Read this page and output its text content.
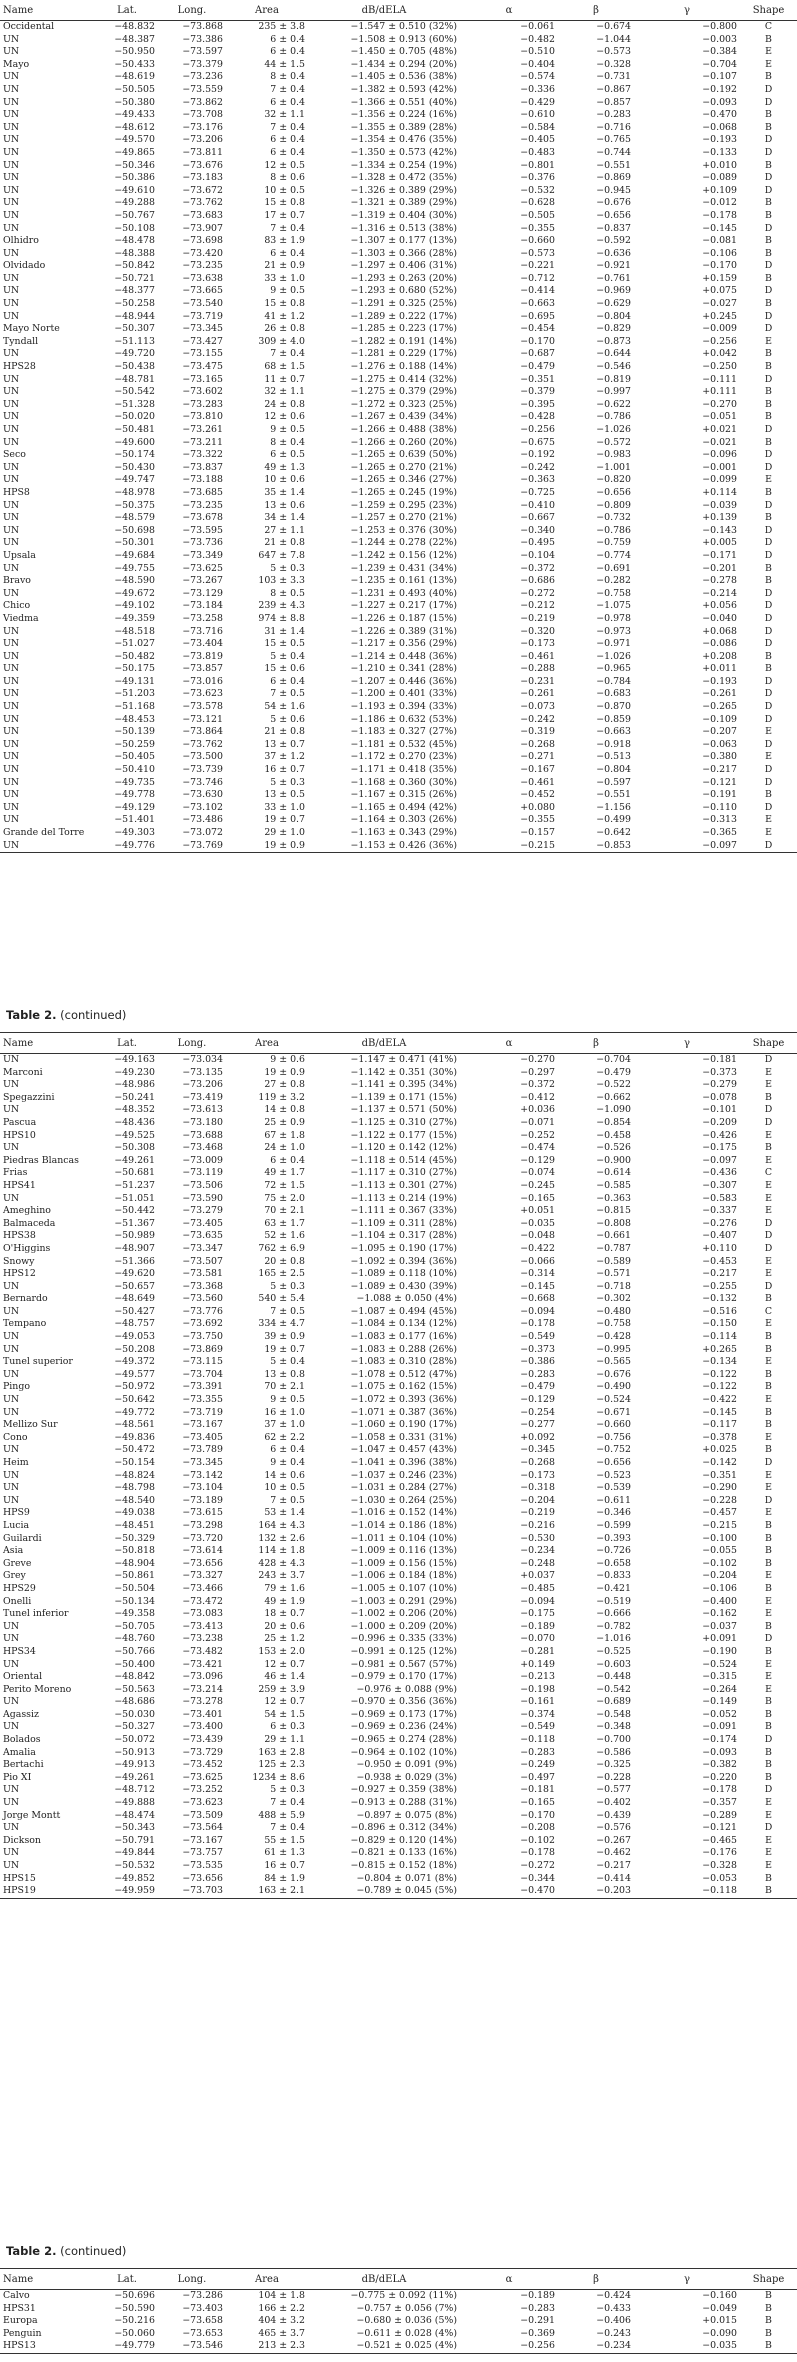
Name	Lat.	Long.	Area	dB/dELA	α	β	γ	Shape
Occidental	−48.832	−73.868	235 ± 3.8	−1.547 ± 0.510 (32%)	−0.061	−0.674	−0.800	C
UN	−48.387	−73.386	6 ± 0.4	−1.508 ± 0.913 (60%)	−0.482	−1.044	−0.003	B
UN	−50.950	−73.597	6 ± 0.4	−1.450 ± 0.705 (48%)	−0.510	−0.573	−0.384	E
Mayo	−50.433	−73.379	44 ± 1.5	−1.434 ± 0.294 (20%)	−0.404	−0.328	−0.704	E
UN	−48.619	−73.236	8 ± 0.4	−1.405 ± 0.536 (38%)	−0.574	−0.731	−0.107	B
UN	−50.505	−73.559	7 ± 0.4	−1.382 ± 0.593 (42%)	−0.336	−0.867	−0.192	D
UN	−50.380	−73.862	6 ± 0.4	−1.366 ± 0.551 (40%)	−0.429	−0.857	−0.093	D
UN	−49.433	−73.708	32 ± 1.1	−1.356 ± 0.224 (16%)	−0.610	−0.283	−0.470	B
UN	−48.612	−73.176	7 ± 0.4	−1.355 ± 0.389 (28%)	−0.584	−0.716	−0.068	B
UN	−49.570	−73.206	6 ± 0.4	−1.354 ± 0.476 (35%)	−0.405	−0.765	−0.193	D
UN	−49.865	−73.811	6 ± 0.4	−1.350 ± 0.573 (42%)	−0.483	−0.744	−0.133	D
UN	−50.346	−73.676	12 ± 0.5	−1.334 ± 0.254 (19%)	−0.801	−0.551	+0.010	B
UN	−50.386	−73.183	8 ± 0.6	−1.328 ± 0.472 (35%)	−0.376	−0.869	−0.089	D
UN	−49.610	−73.672	10 ± 0.5	−1.326 ± 0.389 (29%)	−0.532	−0.945	+0.109	D
UN	−49.288	−73.762	15 ± 0.8	−1.321 ± 0.389 (29%)	−0.628	−0.676	−0.012	B
UN	−50.767	−73.683	17 ± 0.7	−1.319 ± 0.404 (30%)	−0.505	−0.656	−0.178	B
UN	−50.108	−73.907	7 ± 0.4	−1.316 ± 0.513 (38%)	−0.355	−0.837	−0.145	D
Olhidro	−48.478	−73.698	83 ± 1.9	−1.307 ± 0.177 (13%)	−0.660	−0.592	−0.081	B
UN	−48.388	−73.420	6 ± 0.4	−1.303 ± 0.366 (28%)	−0.573	−0.636	−0.106	B
Olvidado	−50.842	−73.235	21 ± 0.9	−1.297 ± 0.406 (31%)	−0.221	−0.921	−0.170	D
UN	−50.721	−73.638	33 ± 1.0	−1.293 ± 0.263 (20%)	−0.712	−0.761	+0.159	B
UN	−48.377	−73.665	9 ± 0.5	−1.293 ± 0.680 (52%)	−0.414	−0.969	+0.075	D
UN	−50.258	−73.540	15 ± 0.8	−1.291 ± 0.325 (25%)	−0.663	−0.629	−0.027	B
UN	−48.944	−73.719	41 ± 1.2	−1.289 ± 0.222 (17%)	−0.695	−0.804	+0.245	D
Mayo Norte	−50.307	−73.345	26 ± 0.8	−1.285 ± 0.223 (17%)	−0.454	−0.829	−0.009	D
Tyndall	−51.113	−73.427	309 ± 4.0	−1.282 ± 0.191 (14%)	−0.170	−0.873	−0.256	E
UN	−49.720	−73.155	7 ± 0.4	−1.281 ± 0.229 (17%)	−0.687	−0.644	+0.042	B
HPS28	−50.438	−73.475	68 ± 1.5	−1.276 ± 0.188 (14%)	−0.479	−0.546	−0.250	B
UN	−48.781	−73.165	11 ± 0.7	−1.275 ± 0.414 (32%)	−0.351	−0.819	−0.111	D
UN	−50.542	−73.602	32 ± 1.1	−1.275 ± 0.379 (29%)	−0.379	−0.997	+0.111	B
UN	−51.328	−73.283	24 ± 0.8	−1.272 ± 0.323 (25%)	−0.395	−0.622	−0.270	B
UN	−50.020	−73.810	12 ± 0.6	−1.267 ± 0.439 (34%)	−0.428	−0.786	−0.051	B
UN	−50.481	−73.261	9 ± 0.5	−1.266 ± 0.488 (38%)	−0.256	−1.026	+0.021	D
UN	−49.600	−73.211	8 ± 0.4	−1.266 ± 0.260 (20%)	−0.675	−0.572	−0.021	B
Seco	−50.174	−73.322	6 ± 0.5	−1.265 ± 0.639 (50%)	−0.192	−0.983	−0.096	D
UN	−50.430	−73.837	49 ± 1.3	−1.265 ± 0.270 (21%)	−0.242	−1.001	−0.001	D
UN	−49.747	−73.188	10 ± 0.6	−1.265 ± 0.346 (27%)	−0.363	−0.820	−0.099	E
HPS8	−48.978	−73.685	35 ± 1.4	−1.265 ± 0.245 (19%)	−0.725	−0.656	+0.114	B
UN	−50.375	−73.235	13 ± 0.6	−1.259 ± 0.295 (23%)	−0.410	−0.809	−0.039	D
UN	−48.579	−73.678	34 ± 1.4	−1.257 ± 0.270 (21%)	−0.667	−0.732	+0.139	B
UN	−50.698	−73.595	27 ± 1.1	−1.253 ± 0.376 (30%)	−0.340	−0.786	−0.143	D
UN	−50.301	−73.736	21 ± 0.8	−1.244 ± 0.278 (22%)	−0.495	−0.759	+0.005	D
Upsala	−49.684	−73.349	647 ± 7.8	−1.242 ± 0.156 (12%)	−0.104	−0.774	−0.171	D
UN	−49.755	−73.625	5 ± 0.3	−1.239 ± 0.431 (34%)	−0.372	−0.691	−0.201	B
Bravo	−48.590	−73.267	103 ± 3.3	−1.235 ± 0.161 (13%)	−0.686	−0.282	−0.278	B
UN	−49.672	−73.129	8 ± 0.5	−1.231 ± 0.493 (40%)	−0.272	−0.758	−0.214	D
Chico	−49.102	−73.184	239 ± 4.3	−1.227 ± 0.217 (17%)	−0.212	−1.075	+0.056	D
Viedma	−49.359	−73.258	974 ± 8.8	−1.226 ± 0.187 (15%)	−0.219	−0.978	−0.040	D
UN	−48.518	−73.716	31 ± 1.4	−1.226 ± 0.389 (31%)	−0.320	−0.973	+0.068	D
UN	−51.027	−73.404	15 ± 0.5	−1.217 ± 0.356 (29%)	−0.173	−0.971	−0.086	D
UN	−50.482	−73.819	5 ± 0.4	−1.214 ± 0.448 (36%)	−0.461	−1.026	+0.208	B
UN	−50.175	−73.857	15 ± 0.6	−1.210 ± 0.341 (28%)	−0.288	−0.965	+0.011	B
UN	−49.131	−73.016	6 ± 0.4	−1.207 ± 0.446 (36%)	−0.231	−0.784	−0.193	D
UN	−51.203	−73.623	7 ± 0.5	−1.200 ± 0.401 (33%)	−0.261	−0.683	−0.261	D
UN	−51.168	−73.578	54 ± 1.6	−1.193 ± 0.394 (33%)	−0.073	−0.870	−0.265	D
UN	−48.453	−73.121	5 ± 0.6	−1.186 ± 0.632 (53%)	−0.242	−0.859	−0.109	D
UN	−50.139	−73.864	21 ± 0.8	−1.183 ± 0.327 (27%)	−0.319	−0.663	−0.207	E
UN	−50.259	−73.762	13 ± 0.7	−1.181 ± 0.532 (45%)	−0.268	−0.918	−0.063	D
UN	−50.405	−73.500	37 ± 1.2	−1.172 ± 0.270 (23%)	−0.271	−0.513	−0.380	E
UN	−50.410	−73.739	16 ± 0.7	−1.171 ± 0.418 (35%)	−0.167	−0.804	−0.217	D
UN	−49.735	−73.746	5 ± 0.3	−1.168 ± 0.360 (30%)	−0.461	−0.597	−0.121	D
UN	−49.778	−73.630	13 ± 0.5	−1.167 ± 0.315 (26%)	−0.452	−0.551	−0.191	B
UN	−49.129	−73.102	33 ± 1.0	−1.165 ± 0.494 (42%)	+0.080	−1.156	−0.110	D
UN	−51.401	−73.486	19 ± 0.7	−1.164 ± 0.303 (26%)	−0.355	−0.499	−0.313	E
Grande del Torre	−49.303	−73.072	29 ± 1.0	−1.163 ± 0.343 (29%)	−0.157	−0.642	−0.365	E
UN	−49.776	−73.769	19 ± 0.9	−1.153 ± 0.426 (36%)	−0.215	−0.853	−0.097	D
Table 2. (continued)
Name	Lat.	Long.	Area	dB/dELA	α	β	γ	Shape
UN	−49.163	−73.034	9 ± 0.6	−1.147 ± 0.471 (41%)	−0.270	−0.704	−0.181	D
Marconi	−49.230	−73.135	19 ± 0.9	−1.142 ± 0.351 (30%)	−0.297	−0.479	−0.373	E
UN	−48.986	−73.206	27 ± 0.8	−1.141 ± 0.395 (34%)	−0.372	−0.522	−0.279	E
Spegazzini	−50.241	−73.419	119 ± 3.2	−1.139 ± 0.171 (15%)	−0.412	−0.662	−0.078	B
UN	−48.352	−73.613	14 ± 0.8	−1.137 ± 0.571 (50%)	+0.036	−1.090	−0.101	D
Pascua	−48.436	−73.180	25 ± 0.9	−1.125 ± 0.310 (27%)	−0.071	−0.854	−0.209	D
HPS10	−49.525	−73.688	67 ± 1.8	−1.122 ± 0.177 (15%)	−0.252	−0.458	−0.426	E
UN	−50.308	−73.468	24 ± 1.0	−1.120 ± 0.142 (12%)	−0.474	−0.526	−0.175	B
Piedras Blancas	−49.261	−73.009	6 ± 0.4	−1.118 ± 0.514 (45%)	−0.129	−0.900	−0.097	E
Frias	−50.681	−73.119	49 ± 1.7	−1.117 ± 0.310 (27%)	−0.074	−0.614	−0.436	C
HPS41	−51.237	−73.506	72 ± 1.5	−1.113 ± 0.301 (27%)	−0.245	−0.585	−0.307	E
UN	−51.051	−73.590	75 ± 2.0	−1.113 ± 0.214 (19%)	−0.165	−0.363	−0.583	E
Ameghino	−50.442	−73.279	70 ± 2.1	−1.111 ± 0.367 (33%)	+0.051	−0.815	−0.337	E
Balmaceda	−51.367	−73.405	63 ± 1.7	−1.109 ± 0.311 (28%)	−0.035	−0.808	−0.276	D
HPS38	−50.989	−73.635	52 ± 1.6	−1.104 ± 0.317 (28%)	−0.048	−0.661	−0.407	D
O'Higgins	−48.907	−73.347	762 ± 6.9	−1.095 ± 0.190 (17%)	−0.422	−0.787	+0.110	D
Snowy	−51.366	−73.507	20 ± 0.8	−1.092 ± 0.394 (36%)	−0.066	−0.589	−0.453	E
HPS12	−49.620	−73.581	165 ± 2.5	−1.089 ± 0.118 (10%)	−0.314	−0.571	−0.217	E
UN	−50.657	−73.368	5 ± 0.3	−1.089 ± 0.430 (39%)	−0.145	−0.718	−0.255	D
Bernardo	−48.649	−73.560	540 ± 5.4	−1.088 ± 0.050 (4%)	−0.668	−0.302	−0.132	B
UN	−50.427	−73.776	7 ± 0.5	−1.087 ± 0.494 (45%)	−0.094	−0.480	−0.516	C
Tempano	−48.757	−73.692	334 ± 4.7	−1.084 ± 0.134 (12%)	−0.178	−0.758	−0.150	E
UN	−49.053	−73.750	39 ± 0.9	−1.083 ± 0.177 (16%)	−0.549	−0.428	−0.114	B
UN	−50.208	−73.869	19 ± 0.7	−1.083 ± 0.288 (26%)	−0.373	−0.995	+0.265	B
Tunel superior	−49.372	−73.115	5 ± 0.4	−1.083 ± 0.310 (28%)	−0.386	−0.565	−0.134	E
UN	−49.577	−73.704	13 ± 0.8	−1.078 ± 0.512 (47%)	−0.283	−0.676	−0.122	B
Pingo	−50.972	−73.391	70 ± 2.1	−1.075 ± 0.162 (15%)	−0.479	−0.490	−0.122	B
UN	−50.642	−73.355	9 ± 0.5	−1.072 ± 0.393 (36%)	−0.129	−0.524	−0.422	E
UN	−49.772	−73.719	16 ± 1.0	−1.071 ± 0.387 (36%)	−0.254	−0.671	−0.145	B
Mellizo Sur	−48.561	−73.167	37 ± 1.0	−1.060 ± 0.190 (17%)	−0.277	−0.660	−0.117	B
Cono	−49.836	−73.405	62 ± 2.2	−1.058 ± 0.331 (31%)	+0.092	−0.756	−0.378	E
UN	−50.472	−73.789	6 ± 0.4	−1.047 ± 0.457 (43%)	−0.345	−0.752	+0.025	B
Heim	−50.154	−73.345	9 ± 0.4	−1.041 ± 0.396 (38%)	−0.268	−0.656	−0.142	D
UN	−48.824	−73.142	14 ± 0.6	−1.037 ± 0.246 (23%)	−0.173	−0.523	−0.351	E
UN	−48.798	−73.104	10 ± 0.5	−1.031 ± 0.284 (27%)	−0.318	−0.539	−0.290	E
UN	−48.540	−73.189	7 ± 0.5	−1.030 ± 0.264 (25%)	−0.204	−0.611	−0.228	D
HPS9	−49.038	−73.615	53 ± 1.4	−1.016 ± 0.152 (14%)	−0.219	−0.346	−0.457	E
Lucia	−48.451	−73.298	164 ± 4.3	−1.014 ± 0.186 (18%)	−0.216	−0.599	−0.215	B
Guilardi	−50.329	−73.720	132 ± 2.6	−1.011 ± 0.104 (10%)	−0.530	−0.393	−0.100	B
Asia	−50.818	−73.614	114 ± 1.8	−1.009 ± 0.116 (13%)	−0.234	−0.726	−0.055	B
Greve	−48.904	−73.656	428 ± 4.3	−1.009 ± 0.156 (15%)	−0.248	−0.658	−0.102	B
Grey	−50.861	−73.327	243 ± 3.7	−1.006 ± 0.184 (18%)	+0.037	−0.833	−0.204	E
HPS29	−50.504	−73.466	79 ± 1.6	−1.005 ± 0.107 (10%)	−0.485	−0.421	−0.106	B
Onelli	−50.134	−73.472	49 ± 1.9	−1.003 ± 0.291 (29%)	−0.094	−0.519	−0.400	E
Tunel inferior	−49.358	−73.083	18 ± 0.7	−1.002 ± 0.206 (20%)	−0.175	−0.666	−0.162	E
UN	−50.705	−73.413	20 ± 0.6	−1.000 ± 0.209 (20%)	−0.189	−0.782	−0.037	B
UN	−48.760	−73.238	25 ± 1.2	−0.996 ± 0.335 (33%)	−0.070	−1.016	+0.091	D
HPS34	−50.766	−73.482	153 ± 2.0	−0.991 ± 0.125 (12%)	−0.281	−0.525	−0.190	B
UN	−50.400	−73.421	12 ± 0.7	−0.981 ± 0.567 (57%)	+0.149	−0.603	−0.524	E
Oriental	−48.842	−73.096	46 ± 1.4	−0.979 ± 0.170 (17%)	−0.213	−0.448	−0.315	E
Perito Moreno	−50.563	−73.214	259 ± 3.9	−0.976 ± 0.088 (9%)	−0.198	−0.542	−0.264	E
UN	−48.686	−73.278	12 ± 0.7	−0.970 ± 0.356 (36%)	−0.161	−0.689	−0.149	B
Agassiz	−50.030	−73.401	54 ± 1.5	−0.969 ± 0.173 (17%)	−0.374	−0.548	−0.052	B
UN	−50.327	−73.400	6 ± 0.3	−0.969 ± 0.236 (24%)	−0.549	−0.348	−0.091	B
Bolados	−50.072	−73.439	29 ± 1.1	−0.965 ± 0.274 (28%)	−0.118	−0.700	−0.174	D
Amalia	−50.913	−73.729	163 ± 2.8	−0.964 ± 0.102 (10%)	−0.283	−0.586	−0.093	B
Bertachi	−49.913	−73.452	125 ± 2.3	−0.950 ± 0.091 (9%)	−0.249	−0.325	−0.382	B
Pio XI	−49.261	−73.625	1234 ± 8.6	−0.938 ± 0.029 (3%)	−0.497	−0.228	−0.220	B
UN	−48.712	−73.252	5 ± 0.3	−0.927 ± 0.359 (38%)	−0.181	−0.577	−0.178	D
UN	−49.888	−73.623	7 ± 0.4	−0.913 ± 0.288 (31%)	−0.165	−0.402	−0.357	E
Jorge Montt	−48.474	−73.509	488 ± 5.9	−0.897 ± 0.075 (8%)	−0.170	−0.439	−0.289	E
UN	−50.343	−73.564	7 ± 0.4	−0.896 ± 0.312 (34%)	−0.208	−0.576	−0.121	D
Dickson	−50.791	−73.167	55 ± 1.5	−0.829 ± 0.120 (14%)	−0.102	−0.267	−0.465	E
UN	−49.844	−73.757	61 ± 1.3	−0.821 ± 0.133 (16%)	−0.178	−0.462	−0.176	E
UN	−50.532	−73.535	16 ± 0.7	−0.815 ± 0.152 (18%)	−0.272	−0.217	−0.328	E
HPS15	−49.852	−73.656	84 ± 1.9	−0.804 ± 0.071 (8%)	−0.344	−0.414	−0.053	B
HPS19	−49.959	−73.703	163 ± 2.1	−0.789 ± 0.045 (5%)	−0.470	−0.203	−0.118	B
Table 2. (continued)
Name	Lat.	Long.	Area	dB/dELA	α	β	γ	Shape
Calvo	−50.696	−73.286	104 ± 1.8	−0.775 ± 0.092 (11%)	−0.189	−0.424	−0.160	B
HPS31	−50.590	−73.403	166 ± 2.2	−0.757 ± 0.056 (7%)	−0.283	−0.433	−0.049	B
Europa	−50.216	−73.658	404 ± 3.2	−0.680 ± 0.036 (5%)	−0.291	−0.406	+0.015	B
Penguin	−50.060	−73.653	465 ± 3.7	−0.611 ± 0.028 (4%)	−0.369	−0.243	−0.090	B
HPS13	−49.779	−73.546	213 ± 2.3	−0.521 ± 0.025 (4%)	−0.256	−0.234	−0.035	B
